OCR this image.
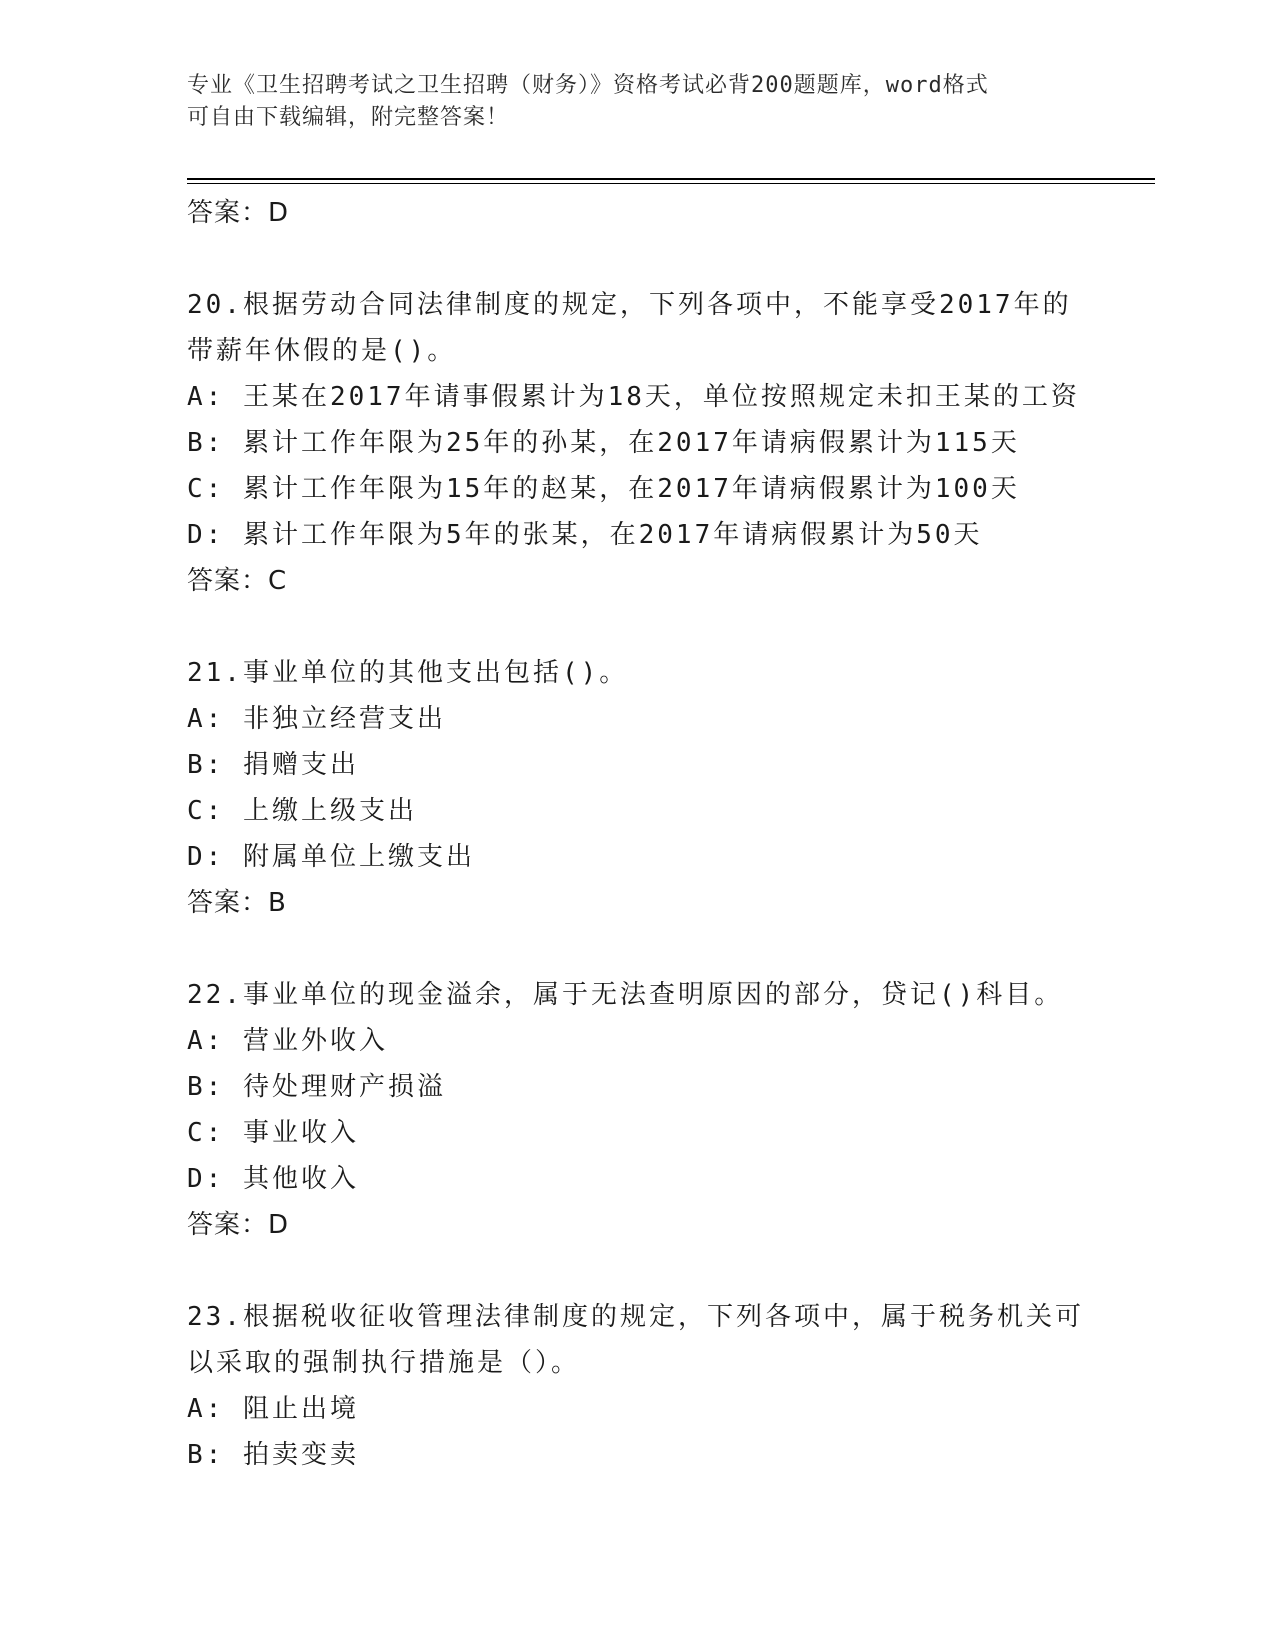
专业《卫生招聘考试之卫生招聘（财务）》资格考试必背200题题库，word格式
可自由下载编辑，附完整答案！
答案：D
20.根据劳动合同法律制度的规定，下列各项中，不能享受2017年的
带薪年休假的是()。
A: 王某在2017年请事假累计为18天，单位按照规定未扣王某的工资
B: 累计工作年限为25年的孙某，在2017年请病假累计为115天
C: 累计工作年限为15年的赵某，在2017年请病假累计为100天
D: 累计工作年限为5年的张某，在2017年请病假累计为50天
答案：C
21.事业单位的其他支出包括()。
A: 非独立经营支出
B: 捐赠支出
C: 上缴上级支出
D: 附属单位上缴支出
答案：B
22.事业单位的现金溢余，属于无法查明原因的部分，贷记()科目。
A: 营业外收入
B: 待处理财产损溢
C: 事业收入
D: 其他收入
答案：D
23.根据税收征收管理法律制度的规定，下列各项中，属于税务机关可
以采取的强制执行措施是（）。
A: 阻止出境
B: 拍卖变卖
